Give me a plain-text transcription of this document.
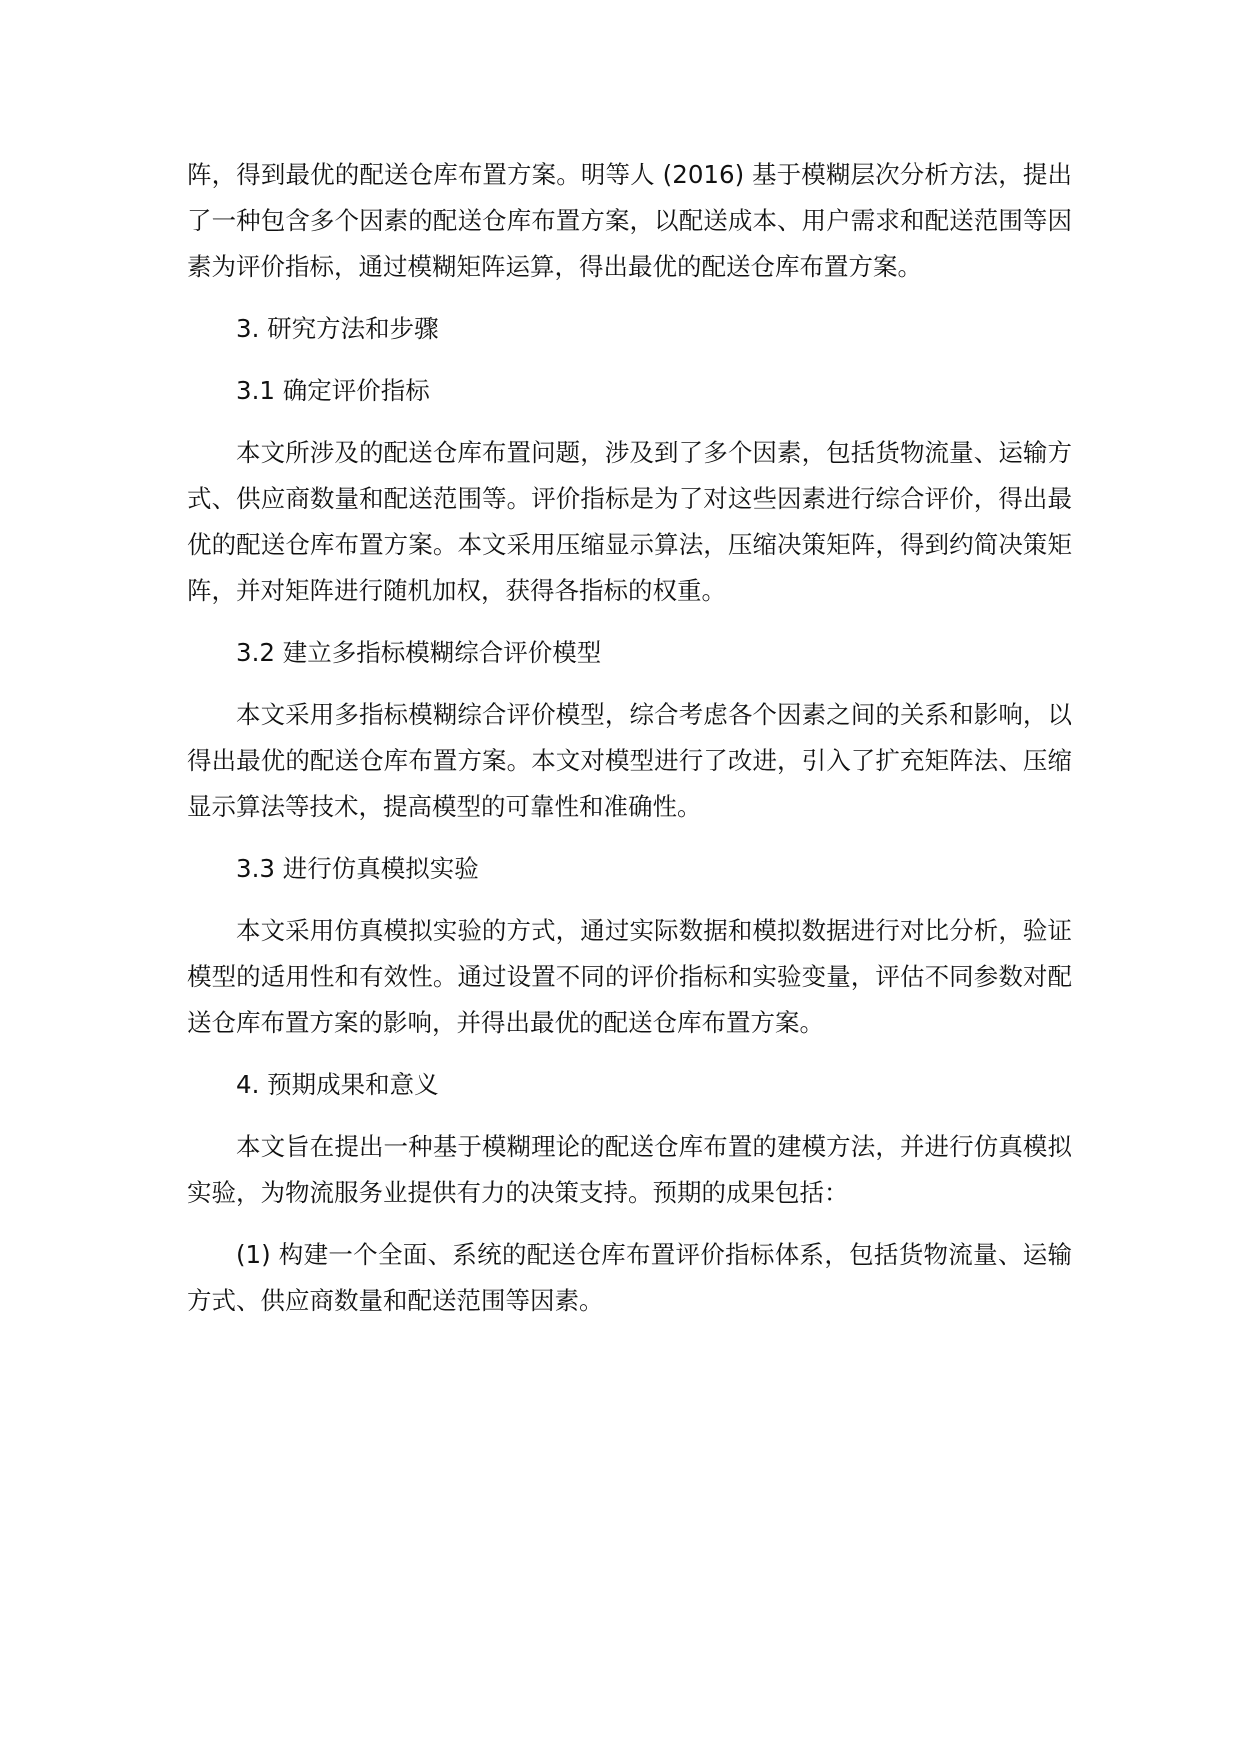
阵，得到最优的配送仓库布置方案。明等人 (2016) 基于模糊层次分析方法，提出了一种包含多个因素的配送仓库布置方案，以配送成本、用户需求和配送范围等因素为评价指标，通过模糊矩阵运算，得出最优的配送仓库布置方案。

3. 研究方法和步骤

3.1 确定评价指标

本文所涉及的配送仓库布置问题，涉及到了多个因素，包括货物流量、运输方式、供应商数量和配送范围等。评价指标是为了对这些因素进行综合评价，得出最优的配送仓库布置方案。本文采用压缩显示算法，压缩决策矩阵，得到约简决策矩阵，并对矩阵进行随机加权，获得各指标的权重。

3.2 建立多指标模糊综合评价模型

本文采用多指标模糊综合评价模型，综合考虑各个因素之间的关系和影响，以得出最优的配送仓库布置方案。本文对模型进行了改进，引入了扩充矩阵法、压缩显示算法等技术，提高模型的可靠性和准确性。

3.3 进行仿真模拟实验

本文采用仿真模拟实验的方式，通过实际数据和模拟数据进行对比分析，验证模型的适用性和有效性。通过设置不同的评价指标和实验变量，评估不同参数对配送仓库布置方案的影响，并得出最优的配送仓库布置方案。

4. 预期成果和意义

本文旨在提出一种基于模糊理论的配送仓库布置的建模方法，并进行仿真模拟实验，为物流服务业提供有力的决策支持。预期的成果包括：

(1) 构建一个全面、系统的配送仓库布置评价指标体系，包括货物流量、运输方式、供应商数量和配送范围等因素。
